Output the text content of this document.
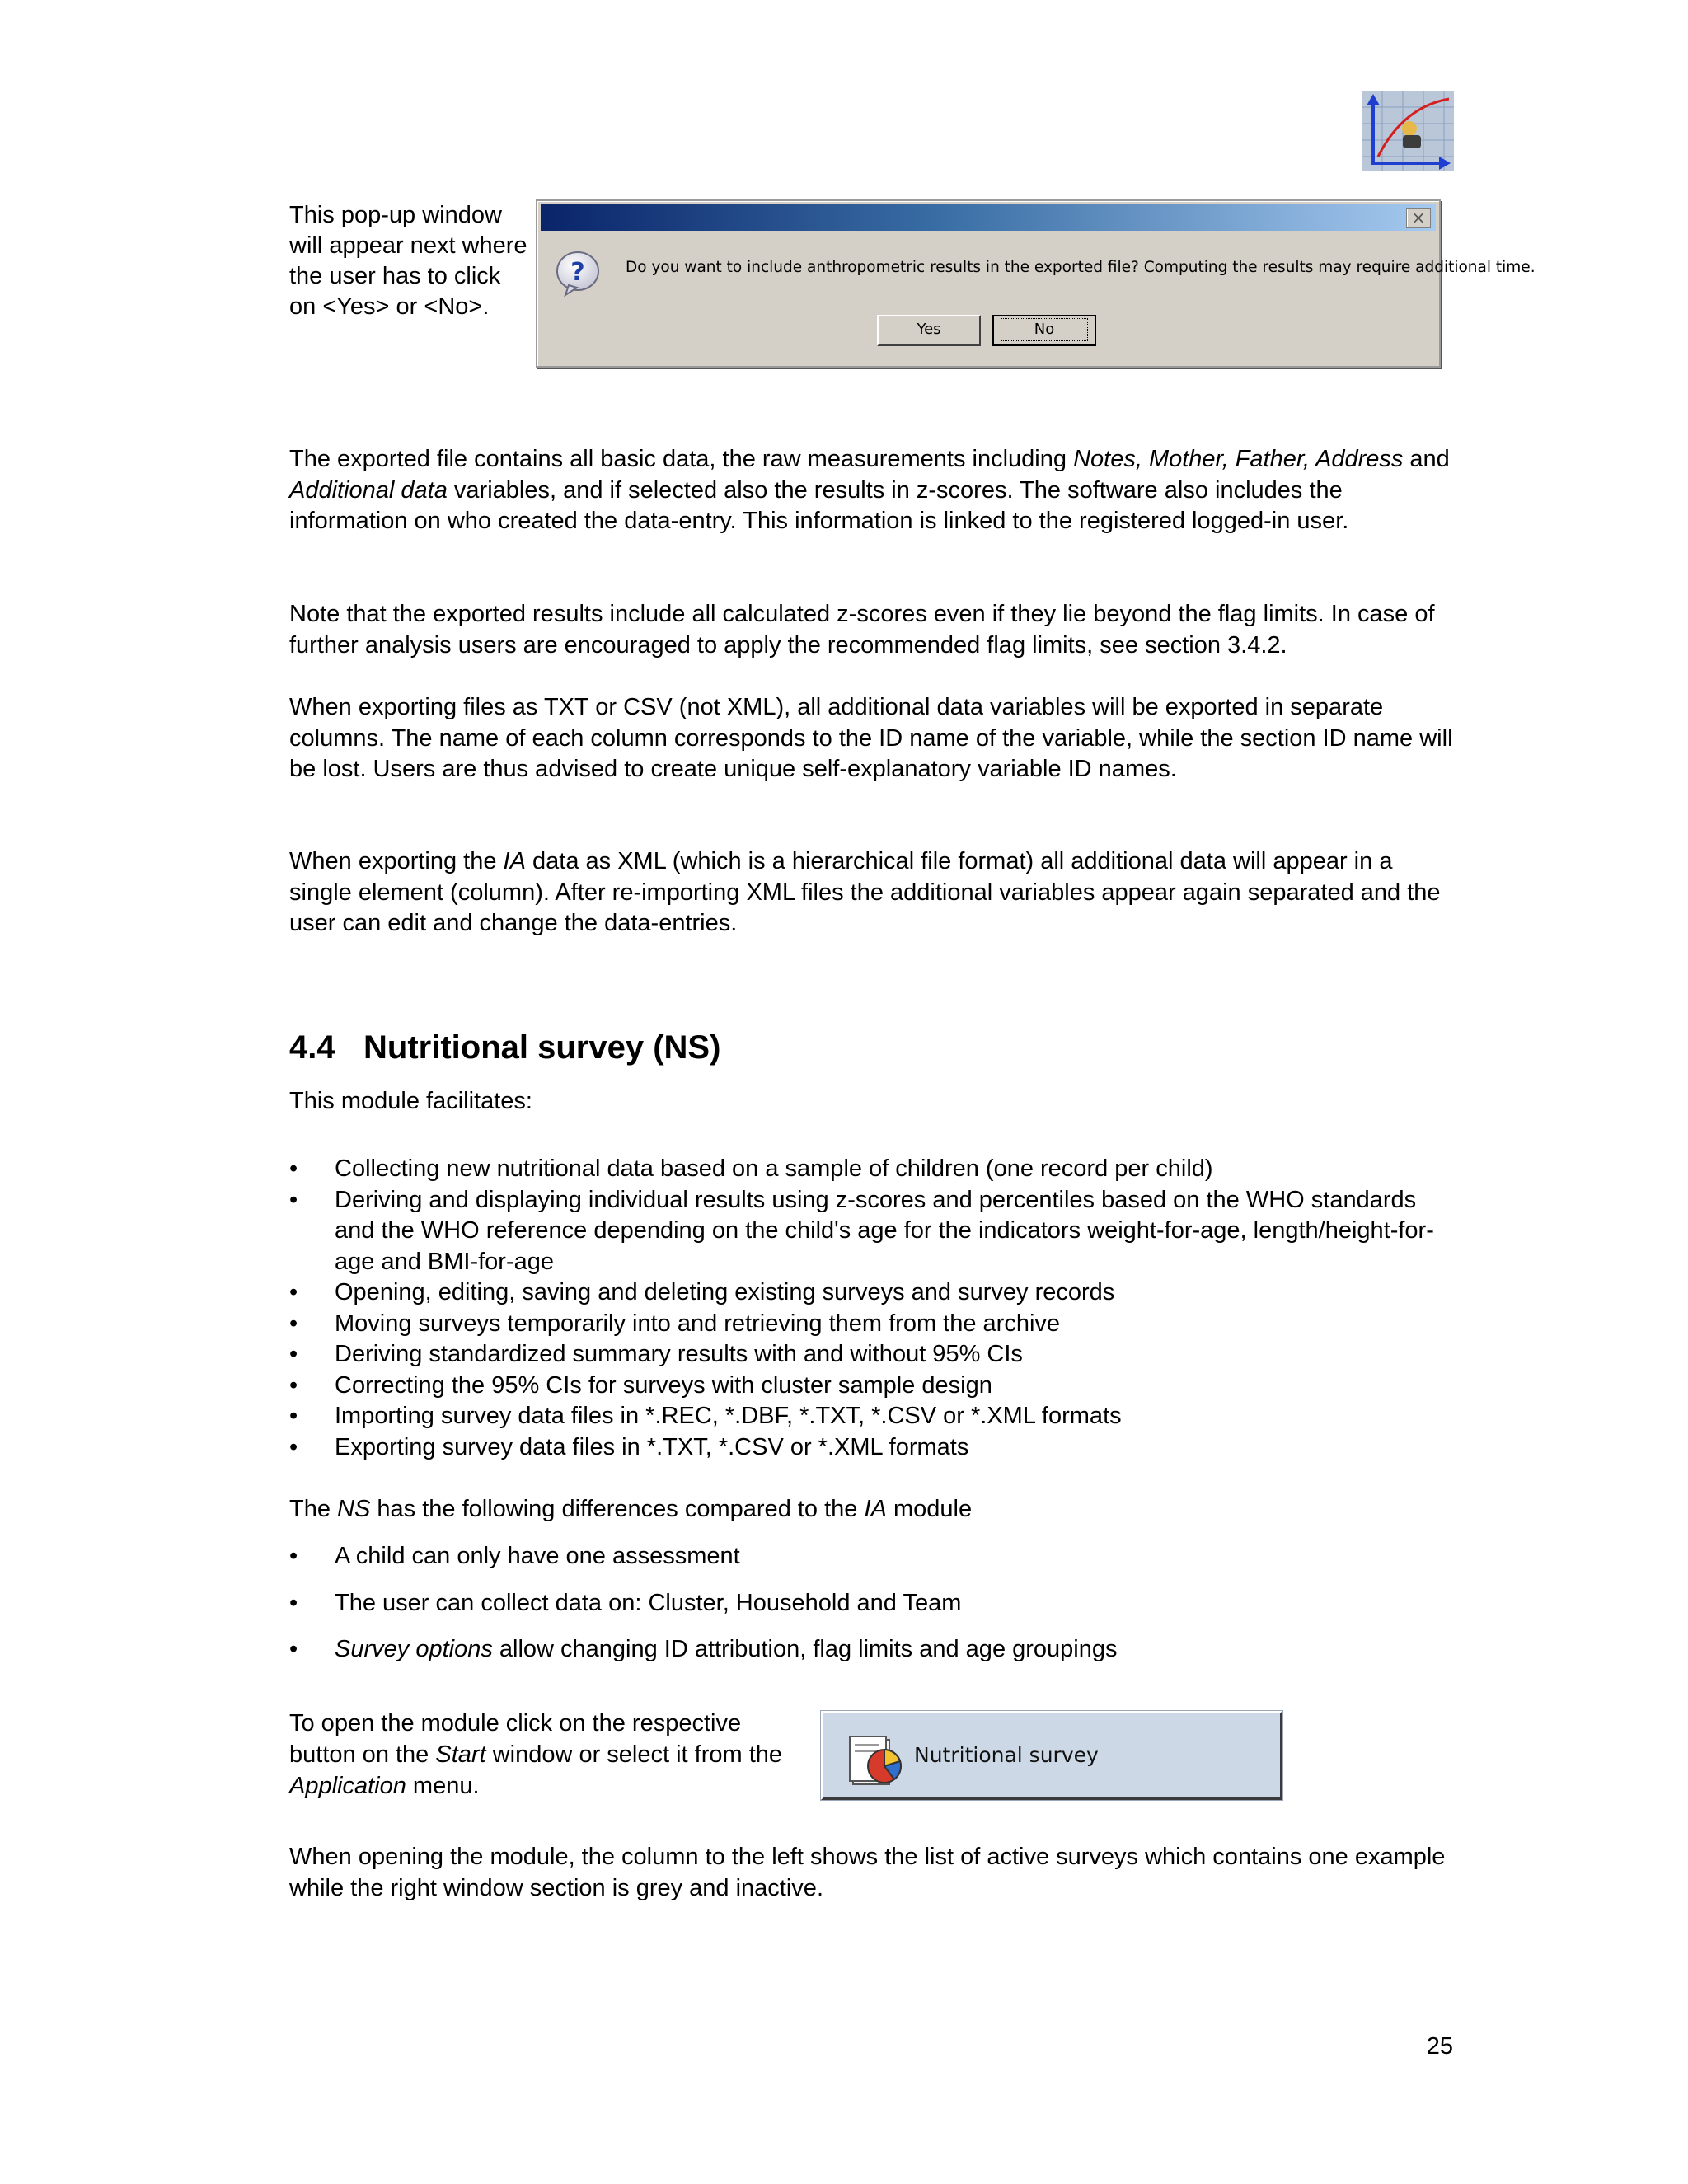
This pop-up window will appear next where the user has to click on <Yes> or <No>.

×
?	Do you want to include anthropometric results in the exported file? Computing the results may require additional time.
Yes	No

The exported file contains all basic data, the raw measurements including Notes, Mother, Father, Address and Additional data variables, and if selected also the results in z-scores. The software also includes the information on who created the data-entry. This information is linked to the registered logged-in user.

Note that the exported results include all calculated z-scores even if they lie beyond the flag limits. In case of further analysis users are encouraged to apply the recommended flag limits, see section 3.4.2.

When exporting files as TXT or CSV (not XML), all additional data variables will be exported in separate columns. The name of each column corresponds to the ID name of the variable, while the section ID name will be lost. Users are thus advised to create unique self-explanatory variable ID names.

When exporting the IA data as XML (which is a hierarchical file format) all additional data will appear in a single element (column). After re-importing XML files the additional variables appear again separated and the user can edit and change the data-entries.

4.4 Nutritional survey (NS)

This module facilitates:

• Collecting new nutritional data based on a sample of children (one record per child)
• Deriving and displaying individual results using z-scores and percentiles based on the WHO standards and the WHO reference depending on the child's age for the indicators weight-for-age, length/height-for-age and BMI-for-age
• Opening, editing, saving and deleting existing surveys and survey records
• Moving surveys temporarily into and retrieving them from the archive
• Deriving standardized summary results with and without 95% CIs
• Correcting the 95% CIs for surveys with cluster sample design
• Importing survey data files in *.REC, *.DBF, *.TXT, *.CSV or *.XML formats
• Exporting survey data files in *.TXT, *.CSV or *.XML formats

The NS has the following differences compared to the IA module

• A child can only have one assessment
• The user can collect data on: Cluster, Household and Team
• Survey options allow changing ID attribution, flag limits and age groupings

To open the module click on the respective button on the Start window or select it from the Application menu.

Nutritional survey

When opening the module, the column to the left shows the list of active surveys which contains one example while the right window section is grey and inactive.

25
